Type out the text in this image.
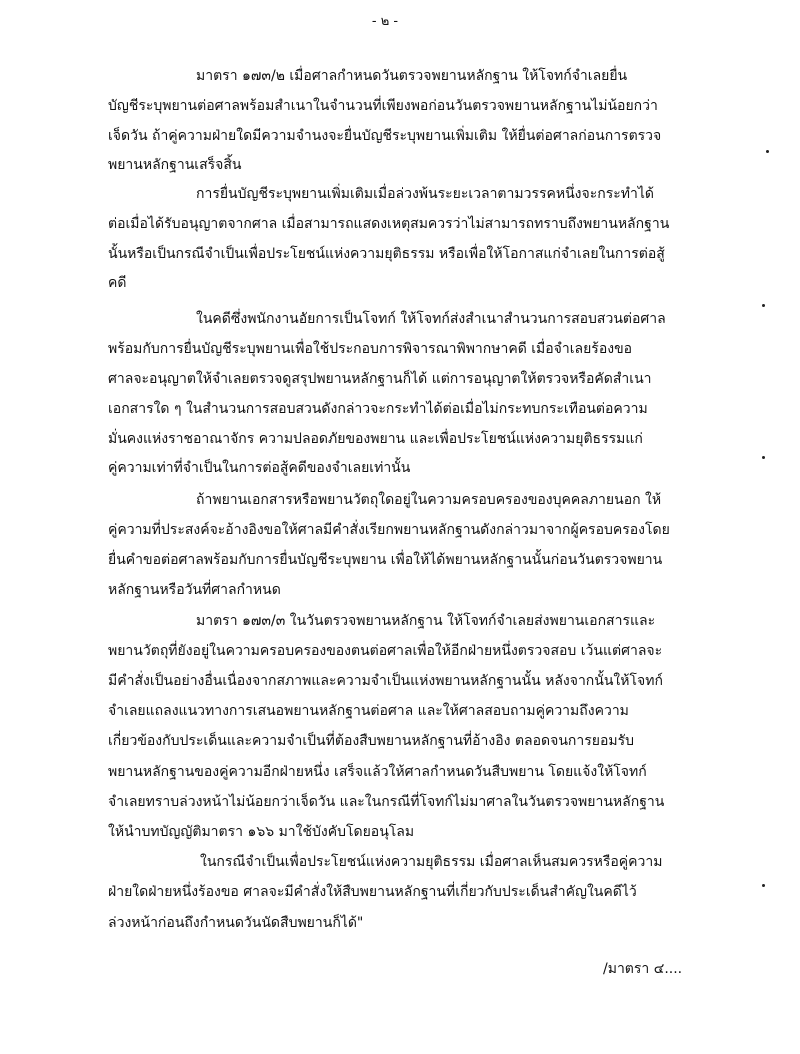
- ๒ -
มาตรา ๑๗๓/๒ เมื่อศาลกำหนดวันตรวจพยานหลักฐาน ให้โจทก์จำเลยยื่น
บัญชีระบุพยานต่อศาลพร้อมสำเนาในจำนวนที่เพียงพอก่อนวันตรวจพยานหลักฐานไม่น้อยกว่า
เจ็ดวัน ถ้าคู่ความฝ่ายใดมีความจำนงจะยื่นบัญชีระบุพยานเพิ่มเติม ให้ยื่นต่อศาลก่อนการตรวจ
พยานหลักฐานเสร็จสิ้น
การยื่นบัญชีระบุพยานเพิ่มเติมเมื่อล่วงพ้นระยะเวลาตามวรรคหนึ่งจะกระทำได้
ต่อเมื่อได้รับอนุญาตจากศาล เมื่อสามารถแสดงเหตุสมควรว่าไม่สามารถทราบถึงพยานหลักฐาน
นั้นหรือเป็นกรณีจำเป็นเพื่อประโยชน์แห่งความยุติธรรม หรือเพื่อให้โอกาสแก่จำเลยในการต่อสู้
คดี
ในคดีซึ่งพนักงานอัยการเป็นโจทก์ ให้โจทก์ส่งสำเนาสำนวนการสอบสวนต่อศาล
พร้อมกับการยื่นบัญชีระบุพยานเพื่อใช้ประกอบการพิจารณาพิพากษาคดี เมื่อจำเลยร้องขอ
ศาลจะอนุญาตให้จำเลยตรวจดูสรุปพยานหลักฐานก็ได้ แต่การอนุญาตให้ตรวจหรือคัดสำเนา
เอกสารใด ๆ ในสำนวนการสอบสวนดังกล่าวจะกระทำได้ต่อเมื่อไม่กระทบกระเทือนต่อความ
มั่นคงแห่งราชอาณาจักร ความปลอดภัยของพยาน และเพื่อประโยชน์แห่งความยุติธรรมแก่
คู่ความเท่าที่จำเป็นในการต่อสู้คดีของจำเลยเท่านั้น
ถ้าพยานเอกสารหรือพยานวัตถุใดอยู่ในความครอบครองของบุคคลภายนอก ให้
คู่ความที่ประสงค์จะอ้างอิงขอให้ศาลมีคำสั่งเรียกพยานหลักฐานดังกล่าวมาจากผู้ครอบครองโดย
ยื่นคำขอต่อศาลพร้อมกับการยื่นบัญชีระบุพยาน เพื่อให้ได้พยานหลักฐานนั้นก่อนวันตรวจพยาน
หลักฐานหรือวันที่ศาลกำหนด
มาตรา ๑๗๓/๓ ในวันตรวจพยานหลักฐาน ให้โจทก์จำเลยส่งพยานเอกสารและ
พยานวัตถุที่ยังอยู่ในความครอบครองของตนต่อศาลเพื่อให้อีกฝ่ายหนึ่งตรวจสอบ เว้นแต่ศาลจะ
มีคำสั่งเป็นอย่างอื่นเนื่องจากสภาพและความจำเป็นแห่งพยานหลักฐานนั้น หลังจากนั้นให้โจทก์
จำเลยแถลงแนวทางการเสนอพยานหลักฐานต่อศาล และให้ศาลสอบถามคู่ความถึงความ
เกี่ยวข้องกับประเด็นและความจำเป็นที่ต้องสืบพยานหลักฐานที่อ้างอิง ตลอดจนการยอมรับ
พยานหลักฐานของคู่ความอีกฝ่ายหนึ่ง เสร็จแล้วให้ศาลกำหนดวันสืบพยาน โดยแจ้งให้โจทก์
จำเลยทราบล่วงหน้าไม่น้อยกว่าเจ็ดวัน และในกรณีที่โจทก์ไม่มาศาลในวันตรวจพยานหลักฐาน
ให้นำบทบัญญัติมาตรา ๑๖๖ มาใช้บังคับโดยอนุโลม
ในกรณีจำเป็นเพื่อประโยชน์แห่งความยุติธรรม เมื่อศาลเห็นสมควรหรือคู่ความ
ฝ่ายใดฝ่ายหนึ่งร้องขอ ศาลจะมีคำสั่งให้สืบพยานหลักฐานที่เกี่ยวกับประเด็นสำคัญในคดีไว้
ล่วงหน้าก่อนถึงกำหนดวันนัดสืบพยานก็ได้"
/มาตรา ๔....
